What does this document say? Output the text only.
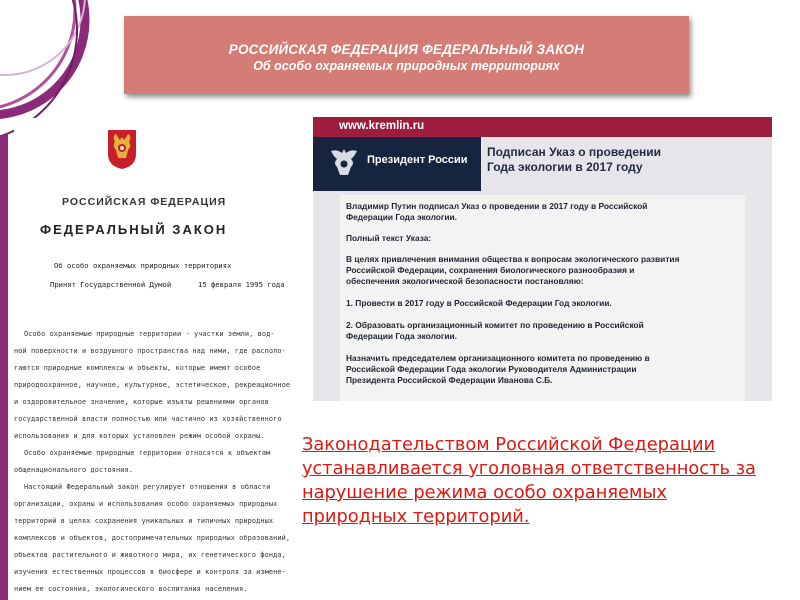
РОССИЙСКАЯ ФЕДЕРАЦИЯ ФЕДЕРАЛЬНЫЙ ЗАКОН
Об особо охраняемых природных территориях
РОССИЙСКАЯ ФЕДЕРАЦИЯ
ФЕДЕРАЛЬНЫЙ ЗАКОН
Об особо охраняемых природных территориях
Принят Государственной Думой	15 февраля 1995 года
Особо охраняемые природные территории - участки земли, вод-
ной поверхности и воздушного пространства над ними, где располо-
гаются природные комплексы и объекты, которые имеют особое
природоохранное, научное, культурное, эстетическое, рекреационное
и оздоровительное значение, которые изъяты решениями органов
государственной власти полностью или частично из хозяйственного
использования и для которых установлен режим особой охраны.
Особо охраняемые природные территории относятся к объектам
общенационального достояния.
Настоящий Федеральный закон регулирует отношения в области
организации, охраны и использования особо охраняемых природных
территорий в целях сохранения уникальных и типичных природных
комплексов и объектов, достопримечательных природных образований,
объектов растительного и животного мира, их генетического фонда,
изучения естественных процессов в биосфере и контроля за измене-
нием ее состояния, экологического воспитания населения.
www.kremlin.ru
Президент России
Подписан Указ о проведении
Года экологии в 2017 году
Владимир Путин подписал Указ о проведении в 2017 году в Российской
Федерации Года экологии.
Полный текст Указа:
В целях привлечения внимания общества к вопросам экологического развития
Российской Федерации, сохранения биологического разнообразия и
обеспечения экологической безопасности постановляю:
1. Провести в 2017 году в Российской Федерации Год экологии.
2. Образовать организационный комитет по проведению в Российской
Федерации Года экологии.
Назначить председателем организационного комитета по проведению в
Российской Федерации Года экологии Руководителя Администрации
Президента Российской Федерации Иванова С.Б.
Законодательством Российской Федерации устанавливается уголовная ответственность за нарушение режима особо охраняемых природных территорий.
